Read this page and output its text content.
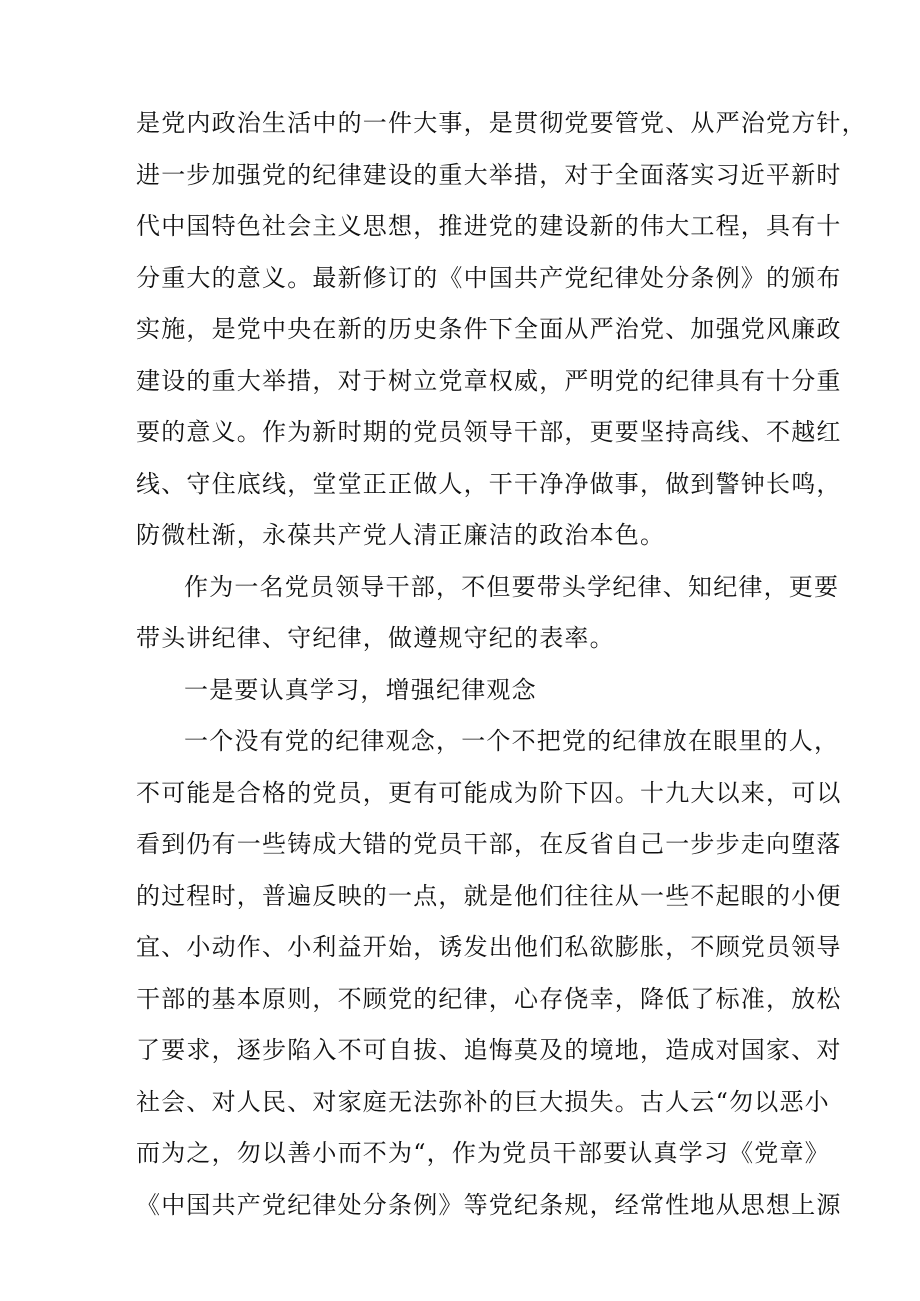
是党内政治生活中的一件大事，是贯彻党要管党、从严治党方针，
进一步加强党的纪律建设的重大举措，对于全面落实习近平新时
代中国特色社会主义思想，推进党的建设新的伟大工程，具有十
分重大的意义。最新修订的《中国共产党纪律处分条例》的颁布
实施，是党中央在新的历史条件下全面从严治党、加强党风廉政
建设的重大举措，对于树立党章权威，严明党的纪律具有十分重
要的意义。作为新时期的党员领导干部，更要坚持高线、不越红
线、守住底线，堂堂正正做人，干干净净做事，做到警钟长鸣，
防微杜渐，永葆共产党人清正廉洁的政治本色。
作为一名党员领导干部，不但要带头学纪律、知纪律，更要
带头讲纪律、守纪律，做遵规守纪的表率。
一是要认真学习，增强纪律观念
一个没有党的纪律观念，一个不把党的纪律放在眼里的人，
不可能是合格的党员，更有可能成为阶下囚。十九大以来，可以
看到仍有一些铸成大错的党员干部，在反省自己一步步走向堕落
的过程时，普遍反映的一点，就是他们往往从一些不起眼的小便
宜、小动作、小利益开始，诱发出他们私欲膨胀，不顾党员领导
干部的基本原则，不顾党的纪律，心存侥幸，降低了标准，放松
了要求，逐步陷入不可自拔、追悔莫及的境地，造成对国家、对
社会、对人民、对家庭无法弥补的巨大损失。古人云“勿以恶小
而为之，勿以善小而不为“，作为党员干部要认真学习《党章》
《中国共产党纪律处分条例》等党纪条规，经常性地从思想上源
